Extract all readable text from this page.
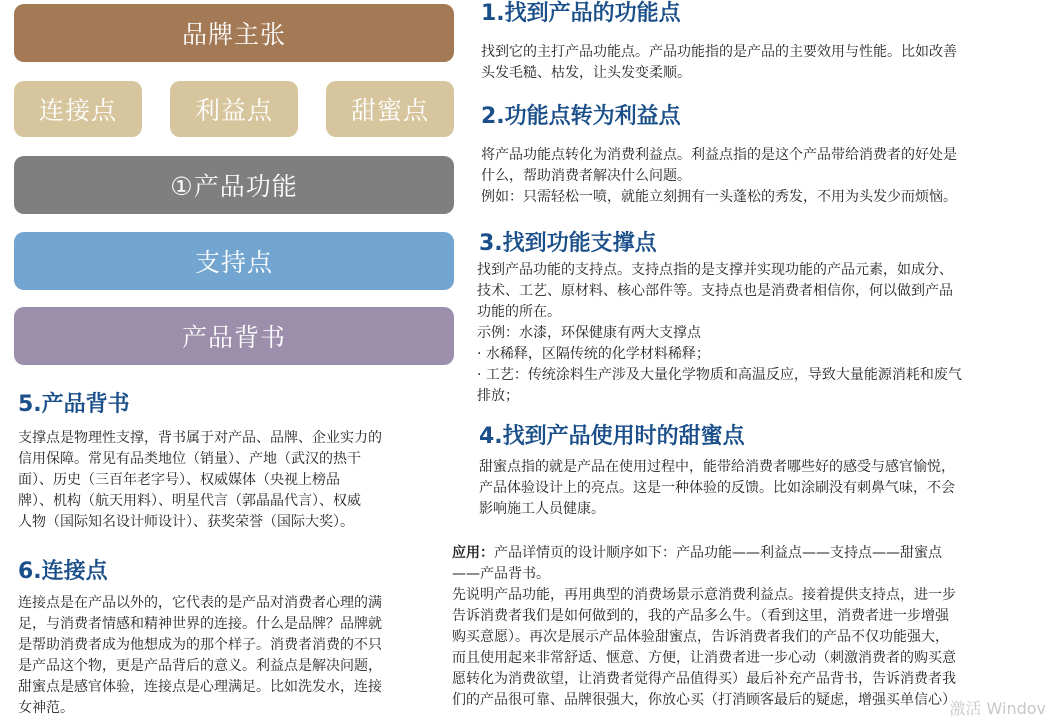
品牌主张
连接点	利益点	甜蜜点
①产品功能
支持点
产品背书
1.找到产品的功能点
找到它的主打产品功能点。产品功能指的是产品的主要效用与性能。比如改善
头发毛糙、枯发，让头发变柔顺。
2.功能点转为利益点
将产品功能点转化为消费利益点。利益点指的是这个产品带给消费者的好处是
什么，帮助消费者解决什么问题。
例如：只需轻松一喷，就能立刻拥有一头蓬松的秀发，不用为头发少而烦恼。
3.找到功能支撑点
找到产品功能的支持点。支持点指的是支撑并实现功能的产品元素，如成分、
技术、工艺、原材料、核心部件等。支持点也是消费者相信你，何以做到产品
功能的所在。
示例：水漆，环保健康有两大支撑点
· 水稀释，区隔传统的化学材料稀释；
· 工艺：传统涂料生产涉及大量化学物质和高温反应，导致大量能源消耗和废气
排放；
4.找到产品使用时的甜蜜点
甜蜜点指的就是产品在使用过程中，能带给消费者哪些好的感受与感官愉悦，
产品体验设计上的亮点。这是一种体验的反馈。比如涂刷没有刺鼻气味，不会
影响施工人员健康。
5.产品背书
支撑点是物理性支撑，背书属于对产品、品牌、企业实力的
信用保障。常见有品类地位（销量）、产地（武汉的热干
面）、历史（三百年老字号）、权威媒体（央视上榜品
牌）、机构（航天用料）、明星代言（郭晶晶代言）、权威
人物（国际知名设计师设计）、获奖荣誉（国际大奖）。
6.连接点
连接点是在产品以外的，它代表的是产品对消费者心理的满
足，与消费者情感和精神世界的连接。什么是品牌？品牌就
是帮助消费者成为他想成为的那个样子。消费者消费的不只
是产品这个物，更是产品背后的意义。利益点是解决问题，
甜蜜点是感官体验，连接点是心理满足。比如洗发水，连接
女神范。
应用：产品详情页的设计顺序如下：产品功能——利益点——支持点——甜蜜点
——产品背书。
先说明产品功能，再用典型的消费场景示意消费利益点。接着提供支持点，进一步
告诉消费者我们是如何做到的，我的产品多么牛。（看到这里，消费者进一步增强
购买意愿）。再次是展示产品体验甜蜜点，告诉消费者我们的产品不仅功能强大，
而且使用起来非常舒适、惬意、方便，让消费者进一步心动（刺激消费者的购买意
愿转化为消费欲望，让消费者觉得产品值得买）最后补充产品背书，告诉消费者我
们的产品很可靠、品牌很强大，你放心买（打消顾客最后的疑虑，增强买单信心）
激活 Windov
